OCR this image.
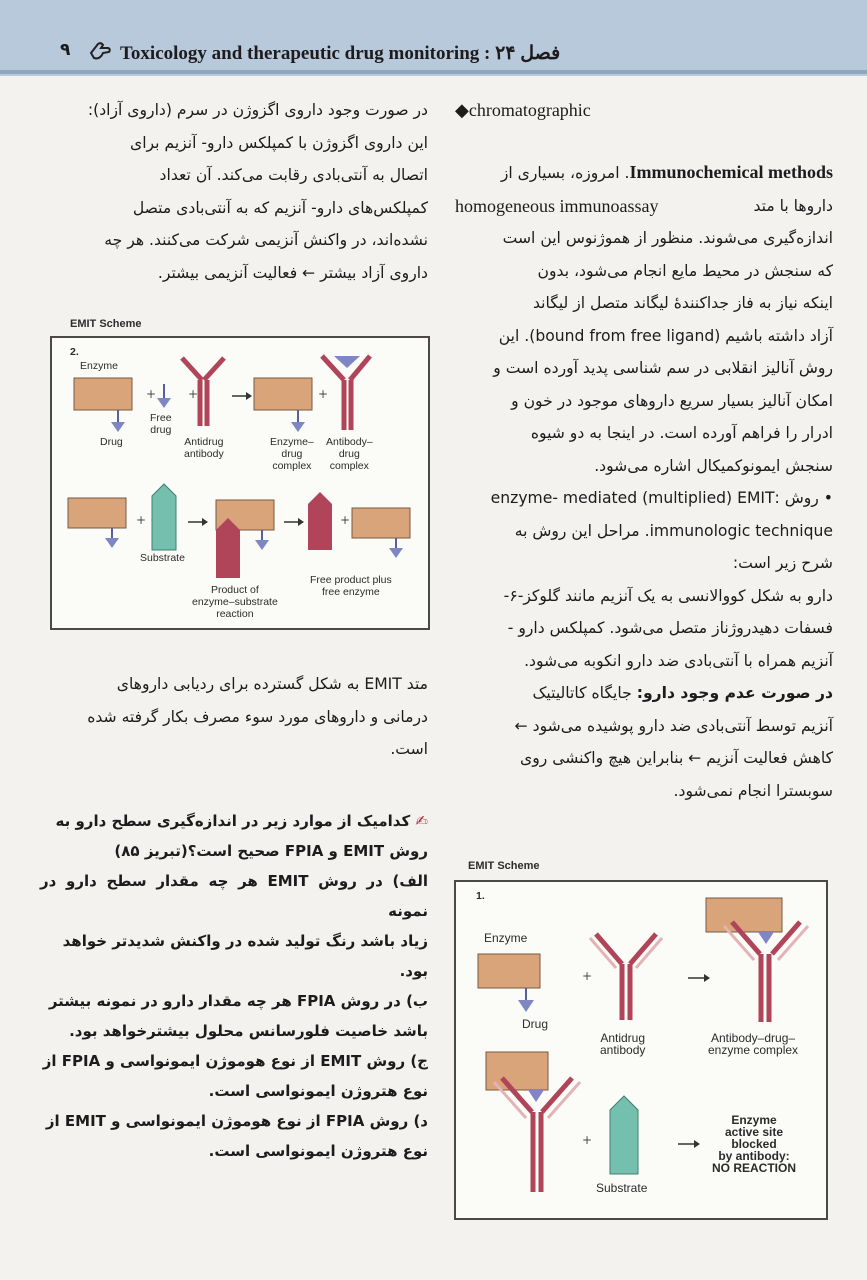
۹	Toxicology and therapeutic drug monitoring : ۲۴ فصل
◆chromatographic

Immunochemical methods. امروزه، بسیاری از

داروها با متد
homogeneous immunoassay

اندازه‌گیری می‌شوند. منظور از هموژنوس این است

که سنجش در محیط مایع انجام می‌شود، بدون

اینکه نیاز به فاز جداکنندهٔ لیگاند متصل از لیگاند

آزاد داشته باشیم (bound from free ligand). این

روش آنالیز انقلابی در سم شناسی پدید آورده است و

امکان آنالیز بسیار سریع داروهای موجود در خون و

ادرار را فراهم آورده است. در اینجا به دو شیوه

سنجش ایمونوکمیکال اشاره می‌شود.

• روش :enzyme- mediated (multiplied) EMIT

immunologic technique. مراحل این روش به

شرح زیر است:

دارو به شکل کووالانسی به یک آنزیم مانند گلوکز-۶-

فسفات دهیدروژناز متصل می‌شود. کمپلکس دارو -

آنزیم همراه با آنتی‌بادی ضد دارو انکوبه می‌شود.

در صورت عدم وجود دارو: جایگاه کاتالیتیک

آنزیم توسط آنتی‌بادی ضد دارو پوشیده می‌شود ←

کاهش فعالیت آنزیم ← بنابراین هیچ واکنشی روی

سوبسترا انجام نمی‌شود.

در صورت وجود داروی اگزوژن در سرم (داروی آزاد):

این داروی اگزوژن با کمپلکس دارو- آنزیم برای

اتصال به آنتی‌بادی رقابت می‌کند. آن تعداد

کمپلکس‌های دارو- آنزیم که به آنتی‌بادی متصل

نشده‌اند، در واکنش آنزیمی شرکت می‌کنند. هر چه

داروی آزاد بیشتر ← فعالیت آنزیمی بیشتر.

EMIT Scheme
2.
+	+	+
+	+
Enzyme
Drug
Free
drug
Antidrug
antibody
Enzyme–
drug
complex
Antibody–
drug
complex
Substrate
Product of
enzyme–substrate
reaction
Free product plus
free enzyme

متد EMIT به شکل گسترده برای ردیابی داروهای

درمانی و داروهای مورد سوء مصرف بکار گرفته شده

است.

✍ کدامیک از موارد زیر در اندازه‌گیری سطح دارو به
روش EMIT و FPIA صحیح است؟(تبریز ۸۵)
الف) در روش EMIT هر چه مقدار سطح دارو در نمونه
زیاد باشد رنگ تولید شده در واکنش شدیدتر خواهد
بود.
ب) در روش FPIA هر چه مقدار دارو در نمونه بیشتر
باشد خاصیت فلورسانس محلول بیشترخواهد بود.
ج) روش EMIT از نوع هوموژن ایمونواسی و FPIA از
نوع هتروژن ایمونواسی است.
د) روش FPIA از نوع هوموژن ایمونواسی و EMIT از
نوع هتروژن ایمونواسی است.
EMIT Scheme
1.
+
+
Enzyme
Drug
Antidrug
antibody
Antibody–drug–
enzyme complex
Substrate
Enzyme
active site
blocked
by antibody:
NO REACTION
